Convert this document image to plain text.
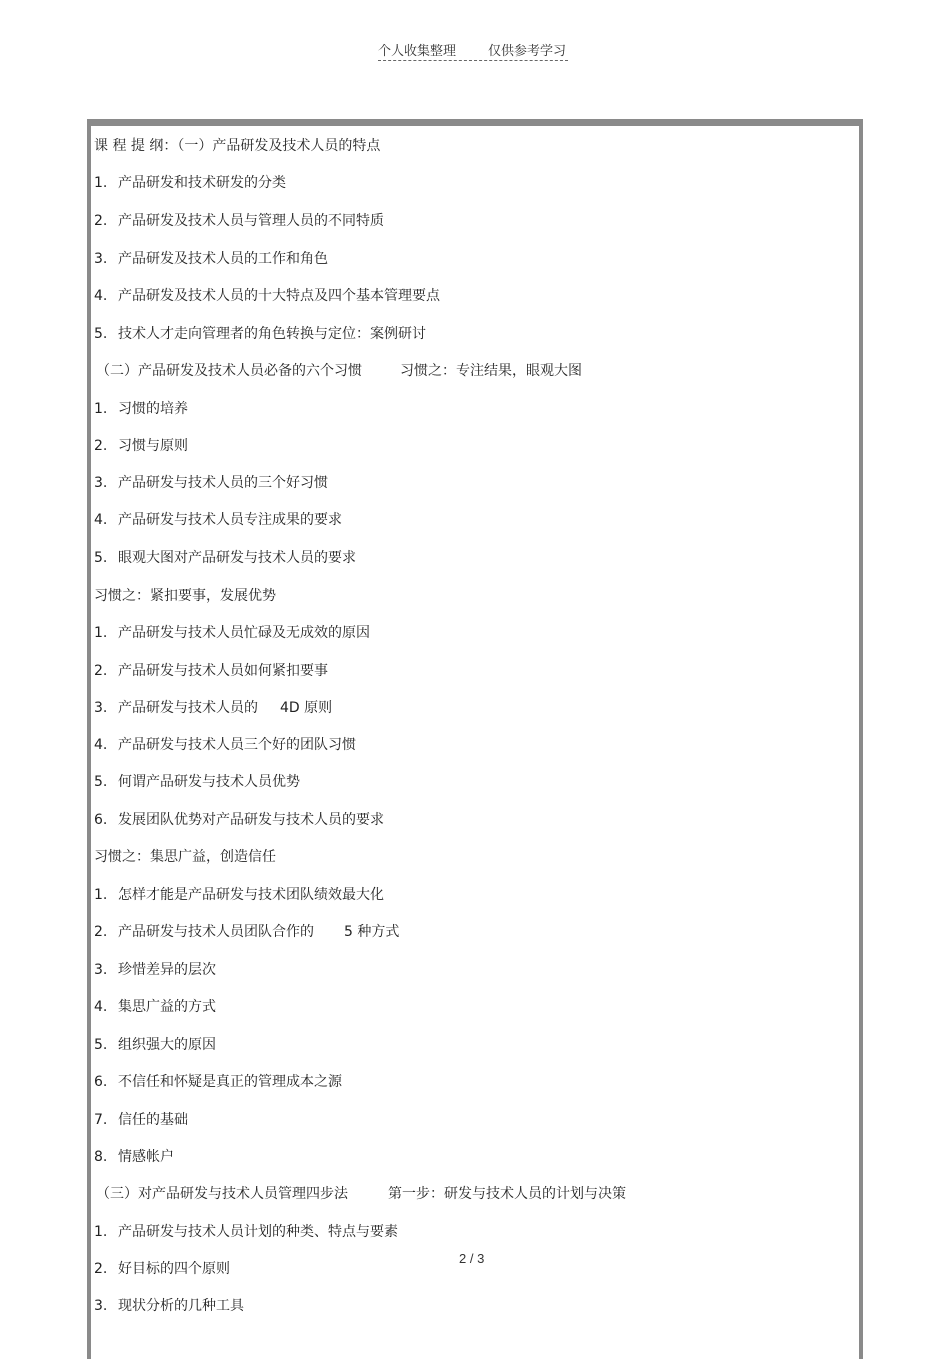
个人收集整理 仅供参考学习
课 程 提 纲：（一）产品研发及技术人员的特点
1. 产品研发和技术研发的分类
2. 产品研发及技术人员与管理人员的不同特质
3. 产品研发及技术人员的工作和角色
4. 产品研发及技术人员的十大特点及四个基本管理要点
5. 技术人才走向管理者的角色转换与定位：案例研讨
（二）产品研发及技术人员必备的六个习惯	习惯之：专注结果，眼观大图
1. 习惯的培养
2. 习惯与原则
3. 产品研发与技术人员的三个好习惯
4. 产品研发与技术人员专注成果的要求
5. 眼观大图对产品研发与技术人员的要求
习惯之：紧扣要事，发展优势
1. 产品研发与技术人员忙碌及无成效的原因
2. 产品研发与技术人员如何紧扣要事
3. 产品研发与技术人员的 4D 原则
4. 产品研发与技术人员三个好的团队习惯
5. 何谓产品研发与技术人员优势
6. 发展团队优势对产品研发与技术人员的要求
习惯之：集思广益，创造信任
1. 怎样才能是产品研发与技术团队绩效最大化
2. 产品研发与技术人员团队合作的 5 种方式
3. 珍惜差异的层次
4. 集思广益的方式
5. 组织强大的原因
6. 不信任和怀疑是真正的管理成本之源
7. 信任的基础
8. 情感帐户
（三）对产品研发与技术人员管理四步法	第一步：研发与技术人员的计划与决策
1. 产品研发与技术人员计划的种类、特点与要素
2. 好目标的四个原则
3. 现状分析的几种工具
2 / 3
